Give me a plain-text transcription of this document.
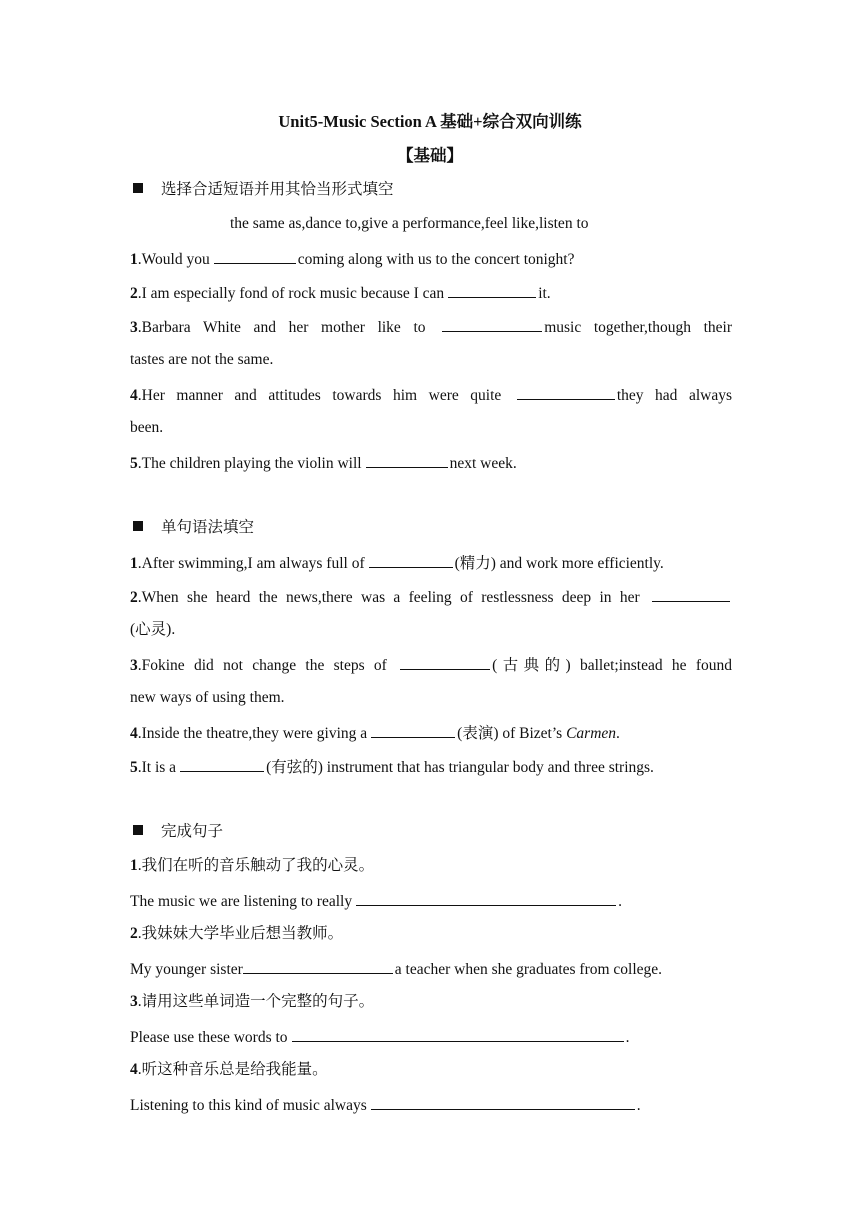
Unit5-Music Section A 基础+综合双向训练
【基础】
选择合适短语并用其恰当形式填空
the same as,dance to,give a performance,feel like,listen to
1.Would you	coming along with us to the concert tonight?
2.I am especially fond of rock music because I can	it.
3.Barbara White and her mother like to	music together,though their
tastes are not the same.
4.Her manner and attitudes towards him were quite	they had always
been.
5.The children playing the violin will	next week.
单句语法填空
1.After swimming,I am always full of	(精力) and work more efficiently.
2.When she heard the news,there was a feeling of restlessness deep in her
(心灵).
3.Fokine did not change the steps of	(古典的) ballet;instead he found
new ways of using them.
4.Inside the theatre,they were giving a	(表演) of Bizet’s Carmen.
5.It is a	(有弦的) instrument that has triangular body and three strings.
完成句子
1.我们在听的音乐触动了我的心灵。
The music we are listening to really	.
2.我妹妹大学毕业后想当教师。
My younger sister	a teacher when she graduates from college.
3.请用这些单词造一个完整的句子。
Please use these words to	.
4.听这种音乐总是给我能量。
Listening to this kind of music always	.
